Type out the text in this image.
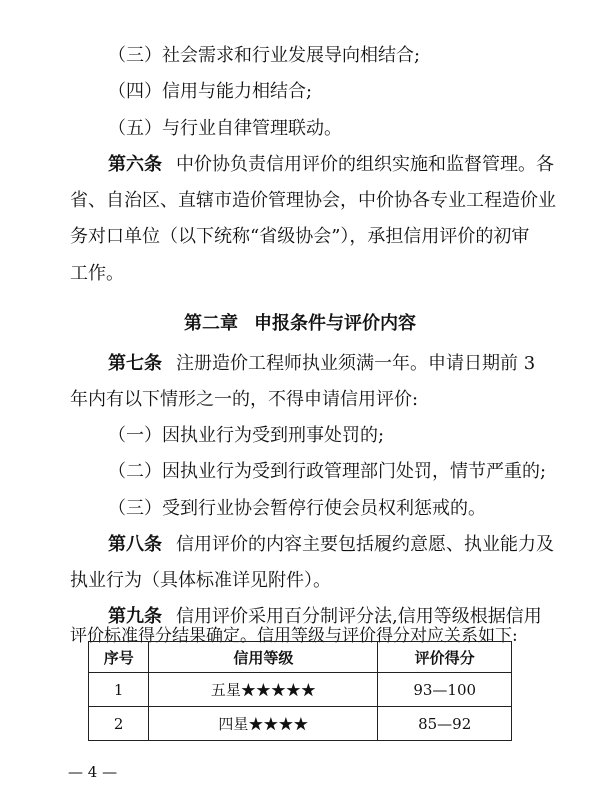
（三）社会需求和行业发展导向相结合;

（四）信用与能力相结合;

（五）与行业自律管理联动。

第六条 中价协负责信用评价的组织实施和监督管理。各

省、自治区、直辖市造价管理协会，中价协各专业工程造价业

务对口单位（以下统称“省级协会”），承担信用评价的初审

工作。

第二章 申报条件与评价内容

第七条 注册造价工程师执业须满一年。申请日期前 3

年内有以下情形之一的，不得申请信用评价:

（一）因执业行为受到刑事处罚的;

（二）因执业行为受到行政管理部门处罚，情节严重的;

（三）受到行业协会暂停行使会员权利惩戒的。

第八条 信用评价的内容主要包括履约意愿、执业能力及

执业行为（具体标准详见附件）。

第九条 信用评价采用百分制评分法,信用等级根据信用

评价标准得分结果确定。信用等级与评价得分对应关系如下:

序号	信用等级	评价得分
1	五星★★★★★	93—100
2	四星★★★★	85—92
— 4 —
